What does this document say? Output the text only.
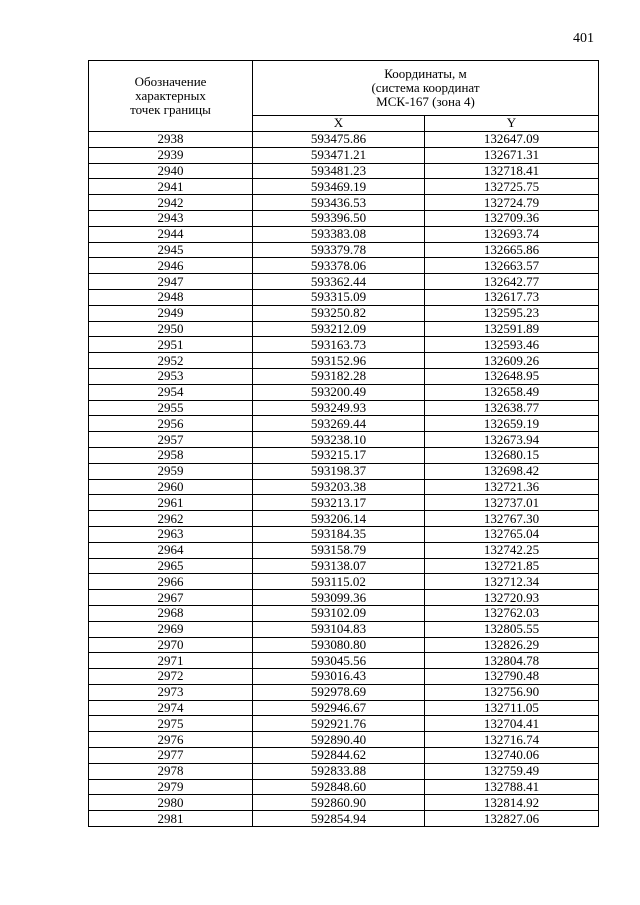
401
Обозначение
характерных
точек границы	Координаты, м
(система координат
МСК-167 (зона 4)	

	X	Y
2938	593475.86	132647.09
2939	593471.21	132671.31
2940	593481.23	132718.41
2941	593469.19	132725.75
2942	593436.53	132724.79
2943	593396.50	132709.36
2944	593383.08	132693.74
2945	593379.78	132665.86
2946	593378.06	132663.57
2947	593362.44	132642.77
2948	593315.09	132617.73
2949	593250.82	132595.23
2950	593212.09	132591.89
2951	593163.73	132593.46
2952	593152.96	132609.26
2953	593182.28	132648.95
2954	593200.49	132658.49
2955	593249.93	132638.77
2956	593269.44	132659.19
2957	593238.10	132673.94
2958	593215.17	132680.15
2959	593198.37	132698.42
2960	593203.38	132721.36
2961	593213.17	132737.01
2962	593206.14	132767.30
2963	593184.35	132765.04
2964	593158.79	132742.25
2965	593138.07	132721.85
2966	593115.02	132712.34
2967	593099.36	132720.93
2968	593102.09	132762.03
2969	593104.83	132805.55
2970	593080.80	132826.29
2971	593045.56	132804.78
2972	593016.43	132790.48
2973	592978.69	132756.90
2974	592946.67	132711.05
2975	592921.76	132704.41
2976	592890.40	132716.74
2977	592844.62	132740.06
2978	592833.88	132759.49
2979	592848.60	132788.41
2980	592860.90	132814.92
2981	592854.94	132827.06
